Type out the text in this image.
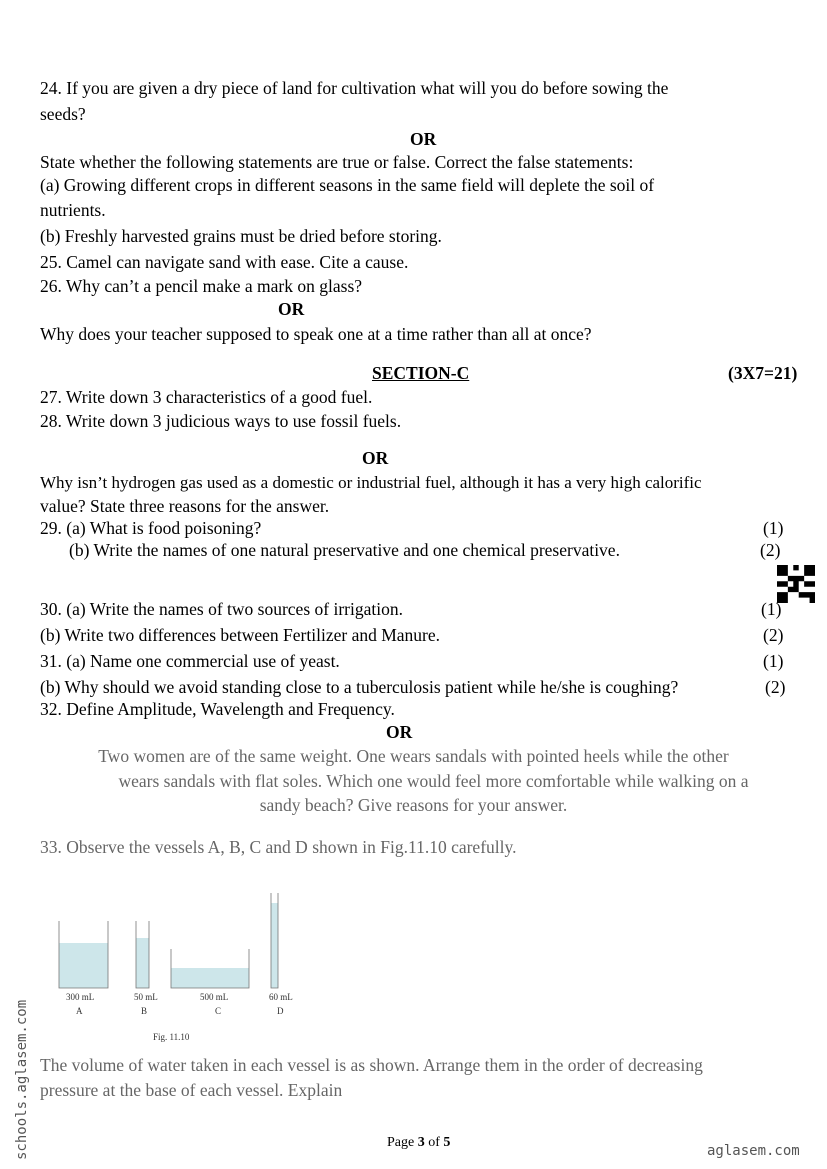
24. If you are given a dry piece of land for cultivation what will you do before sowing the
seeds?
OR
State whether the following statements are true or false. Correct the false statements:
(a) Growing different crops in different seasons in the same field will deplete the soil of
nutrients.
(b) Freshly harvested grains must be dried before storing.
25. Camel can navigate sand with ease. Cite a cause.
26. Why can’t a pencil make a mark on glass?
OR
Why does your teacher supposed to speak one at a time rather than all at once?
SECTION-C	(3X7=21)
27. Write down 3 characteristics of a good fuel.
28. Write down 3 judicious ways to use fossil fuels.
OR
Why isn’t hydrogen gas used as a domestic or industrial fuel, although it has a very high calorific
value? State three reasons for the answer.
29. (a) What is food poisoning?	(1)
(b) Write the names of one natural preservative and one chemical preservative.	(2)
30. (a) Write the names of two sources of irrigation.	(1)
(b) Write two differences between Fertilizer and Manure.	(2)
31. (a) Name one commercial use of yeast.	(1)
(b) Why should we avoid standing close to a tuberculosis patient while he/she is coughing?	(2)
32. Define Amplitude, Wavelength and Frequency.
OR
Two women are of the same weight. One wears sandals with pointed heels while the other
wears sandals with flat soles. Which one would feel more comfortable while walking on a
sandy beach? Give reasons for your answer.
33. Observe the vessels A, B, C and D shown in Fig.11.10 carefully.
300 mL
A
50 mL
B
500 mL
C
60 mL
D
Fig. 11.10
The volume of water taken in each vessel is as shown. Arrange them in the order of decreasing
pressure at the base of each vessel. Explain
Page 3 of 5
schools.aglasem.com	aglasem.com
